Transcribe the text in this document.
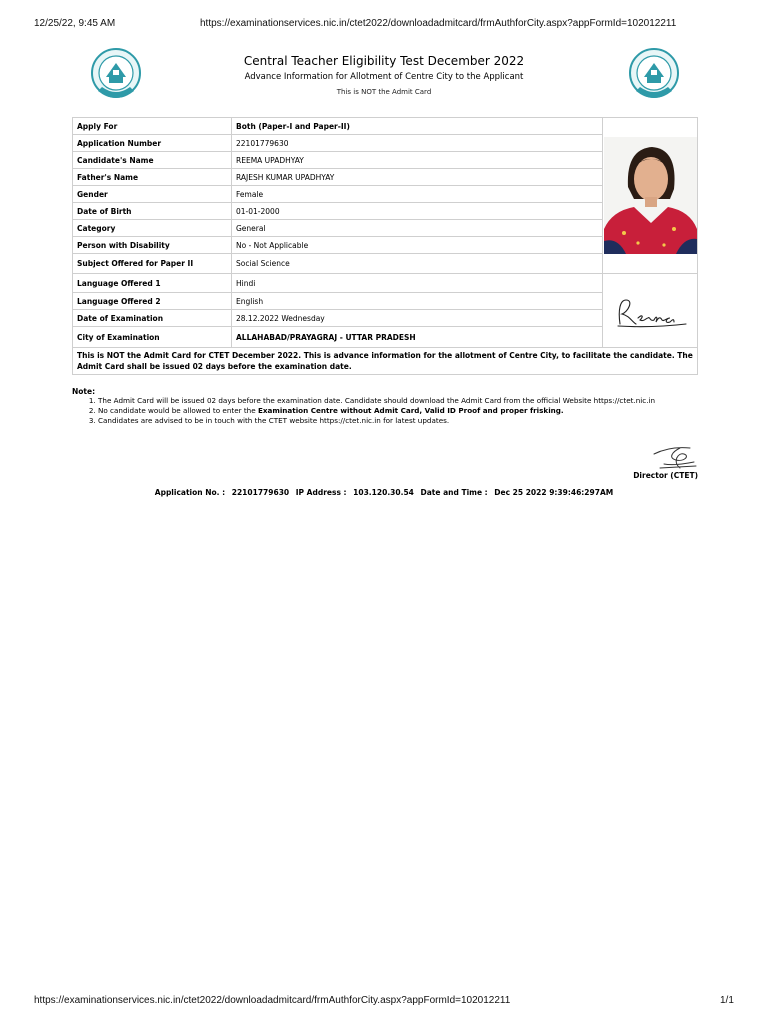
12/25/22, 9:45 AM	https://examinationservices.nic.in/ctet2022/downloadadmitcard/frmAuthforCity.aspx?appFormId=102012211
Central Teacher Eligibility Test December 2022
Advance Information for Allotment of Centre City to the Applicant
This is NOT the Admit Card
Apply For	Both (Paper-I and Paper-II)	
Application Number	22101779630	
Candidate's Name	REEMA UPADHYAY	
Father's Name	RAJESH KUMAR UPADHYAY	
Gender	Female	
Date of Birth	01-01-2000	
Category	General	
Person with Disability	No - Not Applicable	
Subject Offered for Paper II	Social Science	
Language Offered 1	Hindi	
Language Offered 2	English	
Date of Examination	28.12.2022 Wednesday	
City of Examination	ALLAHABAD/PRAYAGRAJ - UTTAR PRADESH	
This is NOT the Admit Card for CTET December 2022. This is advance information for the allotment of Centre City, to facilitate the candidate. The Admit Card shall be issued 02 days before the examination date.		
Note:
1. The Admit Card will be issued 02 days before the examination date. Candidate should download the Admit Card from the official Website https://ctet.nic.in
2. No candidate would be allowed to enter the Examination Centre without Admit Card, Valid ID Proof and proper frisking.
3. Candidates are advised to be in touch with the CTET website https://ctet.nic.in for latest updates.
Director (CTET)
Application No. : 22101779630 IP Address : 103.120.30.54 Date and Time : Dec 25 2022 9:39:46:297AM
https://examinationservices.nic.in/ctet2022/downloadadmitcard/frmAuthforCity.aspx?appFormId=102012211	1/1
